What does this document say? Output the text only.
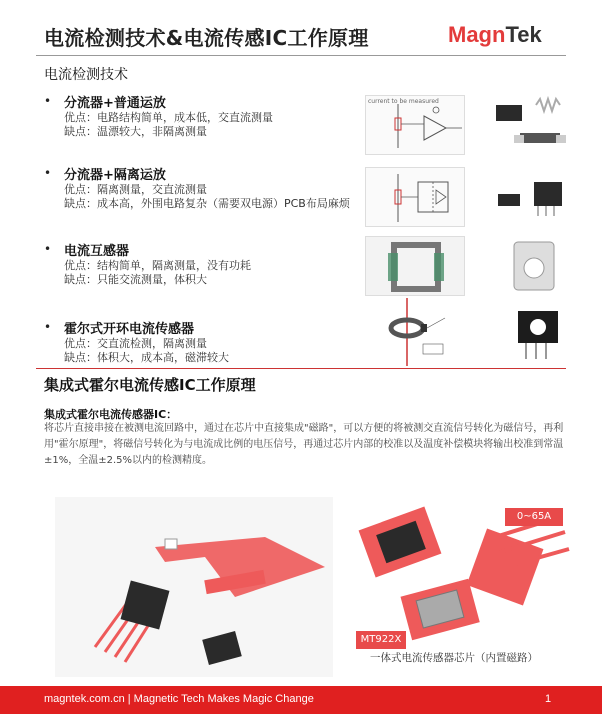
电流检测技术&电流传感IC工作原理	MagnTek
电流检测技术
• 分流器+普通运放
优点：电路结构简单，成本低，交直流测量
缺点：温漂较大，非隔离测量
• 分流器+隔离运放
优点：隔离测量，交直流测量
缺点：成本高，外围电路复杂（需要双电源）PCB布局麻烦
• 电流互感器
优点：结构简单，隔离测量，没有功耗
缺点：只能交流测量，体积大
• 霍尔式开环电流传感器
优点：交直流检测，隔离测量
缺点：体积大，成本高，磁滞较大
current to be measured
集成式霍尔电流传感IC工作原理
集成式霍尔电流传感器IC：
将芯片直接串接在被测电流回路中，通过在芯片中直接集成"磁路"，可以方便的将被测交直流信号转化为磁信号，再利用"霍尔原理"，将磁信号转化为与电流成比例的电压信号，再通过芯片内部的校准以及温度补偿模块将输出校准到常温±1%，全温±2.5%以内的检测精度。
0~65A
MT922X
一体式电流传感器芯片（内置磁路）
magntek.com.cn | Magnetic Tech Makes Magic Change	1
